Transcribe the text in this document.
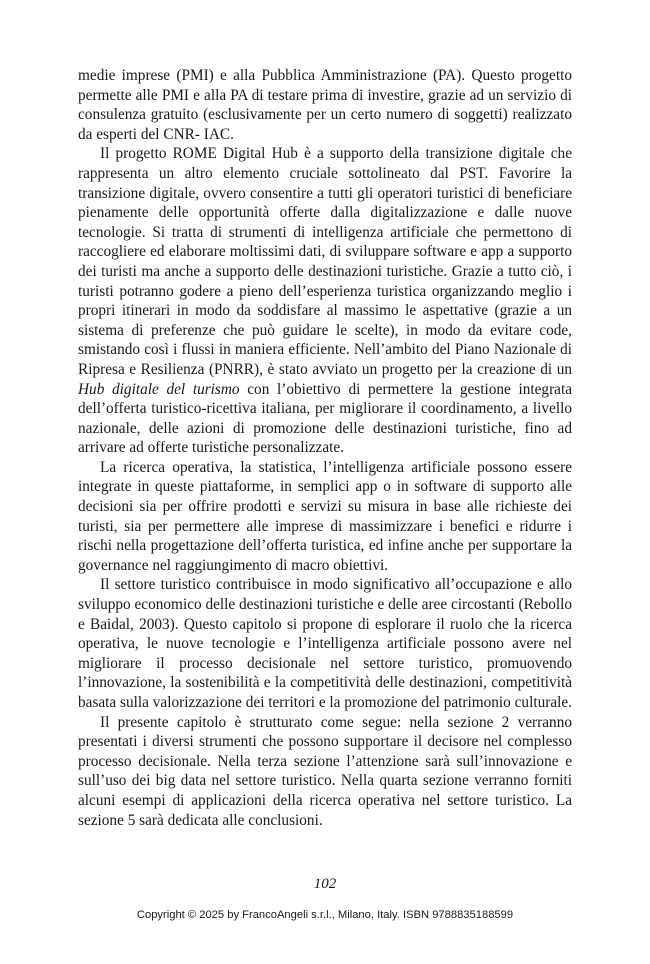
medie imprese (PMI) e alla Pubblica Amministrazione (PA). Questo progetto permette alle PMI e alla PA di testare prima di investire, grazie ad un servizio di consulenza gratuito (esclusivamente per un certo numero di soggetti) realizzato da esperti del CNR- IAC.

Il progetto ROME Digital Hub è a supporto della transizione digitale che rappresenta un altro elemento cruciale sottolineato dal PST. Favorire la transizione digitale, ovvero consentire a tutti gli operatori turistici di beneficiare pienamente delle opportunità offerte dalla digitalizzazione e dalle nuove tecnologie. Si tratta di strumenti di intelligenza artificiale che permettono di raccogliere ed elaborare moltissimi dati, di sviluppare software e app a supporto dei turisti ma anche a supporto delle destinazioni turistiche. Grazie a tutto ciò, i turisti potranno godere a pieno dell’esperienza turistica organizzando meglio i propri itinerari in modo da soddisfare al massimo le aspettative (grazie a un sistema di preferenze che può guidare le scelte), in modo da evitare code, smistando così i flussi in maniera efficiente. Nell’ambito del Piano Nazionale di Ripresa e Resilienza (PNRR), è stato avviato un progetto per la creazione di un Hub digitale del turismo con l’obiettivo di permettere la gestione integrata dell’offerta turistico-ricettiva italiana, per migliorare il coordinamento, a livello nazionale, delle azioni di promozione delle destinazioni turistiche, fino ad arrivare ad offerte turistiche personalizzate.

La ricerca operativa, la statistica, l’intelligenza artificiale possono essere integrate in queste piattaforme, in semplici app o in software di supporto alle decisioni sia per offrire prodotti e servizi su misura in base alle richieste dei turisti, sia per permettere alle imprese di massimizzare i benefici e ridurre i rischi nella progettazione dell’offerta turistica, ed infine anche per supportare la governance nel raggiungimento di macro obiettivi.

Il settore turistico contribuisce in modo significativo all’occupazione e allo sviluppo economico delle destinazioni turistiche e delle aree circostanti (Rebollo e Baidal, 2003). Questo capitolo si propone di esplorare il ruolo che la ricerca operativa, le nuove tecnologie e l’intelligenza artificiale possono avere nel migliorare il processo decisionale nel settore turistico, promuovendo l’innovazione, la sostenibilità e la competitività delle destinazioni, competitività basata sulla valorizzazione dei territori e la promozione del patrimonio culturale.

Il presente capitolo è strutturato come segue: nella sezione 2 verranno presentati i diversi strumenti che possono supportare il decisore nel complesso processo decisionale. Nella terza sezione l’attenzione sarà sull’innovazione e sull’uso dei big data nel settore turistico. Nella quarta sezione verranno forniti alcuni esempi di applicazioni della ricerca operativa nel settore turistico. La sezione 5 sarà dedicata alle conclusioni.

102
Copyright © 2025 by FrancoAngeli s.r.l., Milano, Italy. ISBN 9788835188599
